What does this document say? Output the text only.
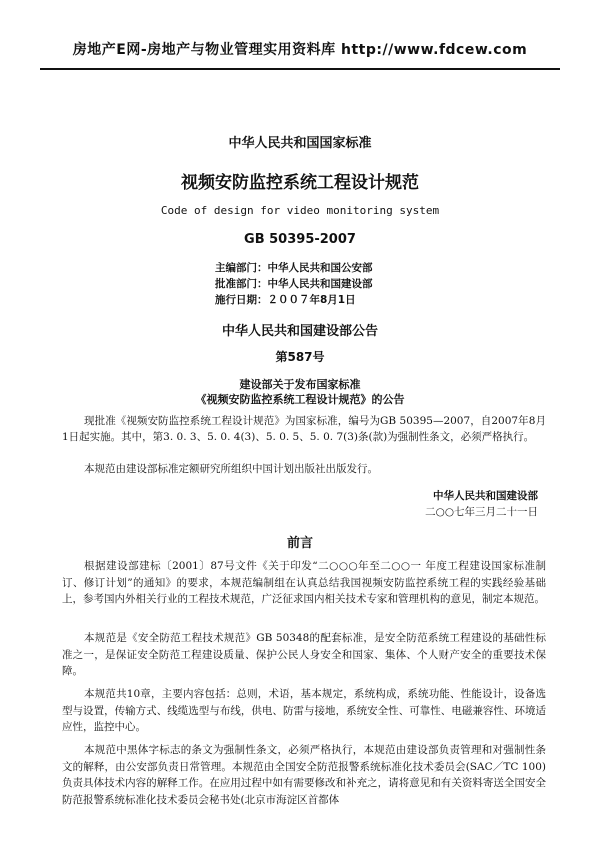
房地产E网-房地产与物业管理实用资料库 http://www.fdcew.com
中华人民共和国国家标准
视频安防监控系统工程设计规范
Code of design for video monitoring system
GB 50395-2007
主编部门：中华人民共和国公安部
批准部门：中华人民共和国建设部
施行日期：２００７年8月1日
中华人民共和国建设部公告
第587号
建设部关于发布国家标准
《视频安防监控系统工程设计规范》的公告

现批准《视频安防监控系统工程设计规范》为国家标准，编号为GB 50395—2007，自2007年8月1日起实施。其中，第3. 0. 3、5. 0. 4(3)、5. 0. 5、5. 0. 7(3)条(款)为强制性条文，必须严格执行。

本规范由建设部标准定额研究所组织中国计划出版社出版发行。

中华人民共和国建设部
二○○七年三月二十一日
前言

根据建设部建标〔2001〕87号文件《关于印发“二○○○年至二○○一 年度工程建设国家标准制订、修订计划”的通知》的要求，本规范编制组在认真总结我国视频安防监控系统工程的实践经验基础上，参考国内外相关行业的工程技术规范，广泛征求国内相关技术专家和管理机构的意见，制定本规范。

本规范是《安全防范工程技术规范》GB 50348的配套标准，是安全防范系统工程建设的基础性标准之一，是保证安全防范工程建设质量、保护公民人身安全和国家、集体、个人财产安全的重要技术保障。

本规范共10章，主要内容包括：总则，术语，基本规定，系统构成，系统功能、性能设计，设备选型与设置，传输方式、线缆选型与布线，供电、防雷与接地，系统安全性、可靠性、电磁兼容性、环境适应性，监控中心。

本规范中黑体字标志的条文为强制性条文，必须严格执行，本规范由建设部负责管理和对强制性条文的解释，由公安部负责日常管理。本规范由全国安全防范报警系统标准化技术委员会(SAC／TC 100)负责具体技术内容的解释工作。在应用过程中如有需要修改和补充之，请将意见和有关资料寄送全国安全防范报警系统标准化技术委员会秘书处(北京市海淀区首都体
